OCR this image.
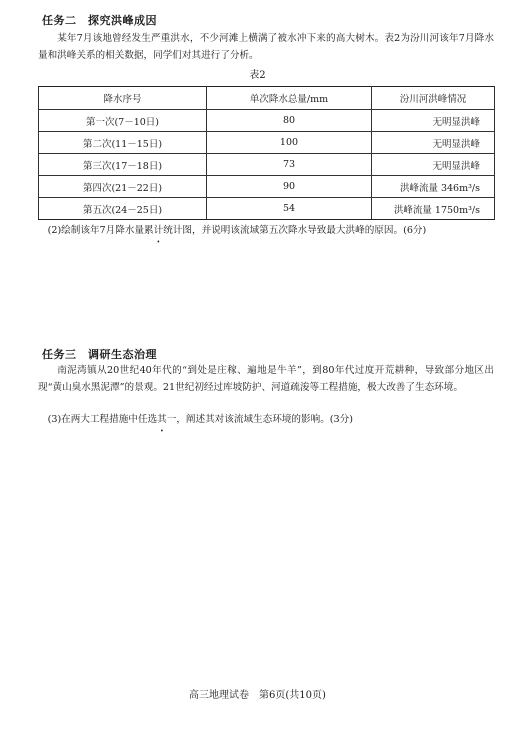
任务二　探究洪峰成因

某年7月该地曾经发生严重洪水，不少河滩上横满了被水冲下来的高大树木。表2为汾川河该年7月降水量和洪峰关系的相关数据，同学们对其进行了分析。

表2
降水序号	单次降水总量/mm	汾川河洪峰情况
第一次(7－10日)	80	无明显洪峰
第二次(11－15日)	100	无明显洪峰
第三次(17－18日)	73	无明显洪峰
第四次(21－22日)	90	洪峰流量 346m³/s
第五次(24－25日)	54	洪峰流量 1750m³/s

(2)绘制该年7月降水量累计统计图，并说明该流域第五次降水导致最大洪峰的原因。(6分)

任务三　调研生态治理

南泥湾镇从20世纪40年代的“到处是庄稼、遍地是牛羊”，到80年代过度开荒耕种，导致部分地区出现“黄山臭水黑泥潭”的景观。21世纪初经过库坡防护、河道疏浚等工程措施，极大改善了生态环境。

(3)在两大工程措施中任选其一，阐述其对该流域生态环境的影响。(3分)

高三地理试卷　第6页(共10页)
